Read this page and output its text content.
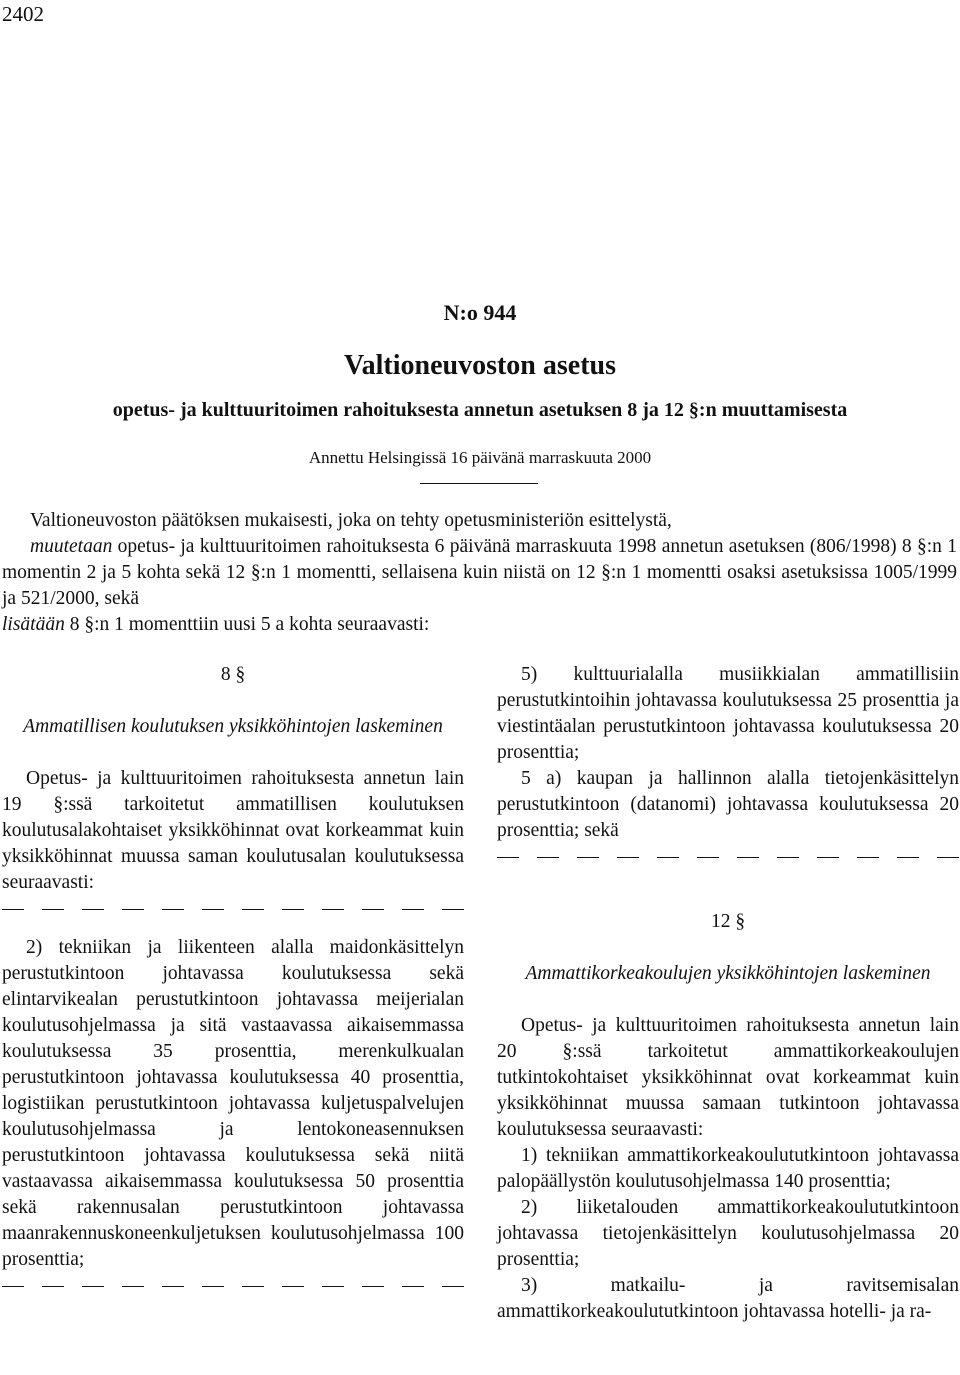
2402
N:o 944
Valtioneuvoston asetus
opetus- ja kulttuuritoimen rahoituksesta annetun asetuksen 8 ja 12 §:n muuttamisesta
Annettu Helsingissä 16 päivänä marraskuuta 2000

Valtioneuvoston päätöksen mukaisesti, joka on tehty opetusministeriön esittelystä,

muutetaan opetus- ja kulttuuritoimen rahoituksesta 6 päivänä marraskuuta 1998 annetun asetuksen (806/1998) 8 §:n 1 momentin 2 ja 5 kohta sekä 12 §:n 1 momentti, sellaisena kuin niistä on 12 §:n 1 momentti osaksi asetuksissa 1005/1999 ja 521/2000, sekä

lisätään 8 §:n 1 momenttiin uusi 5 a kohta seuraavasti:

8 §

Ammatillisen koulutuksen yksikköhintojen laskeminen

Opetus- ja kulttuuritoimen rahoituksesta annetun lain 19 §:ssä tarkoitetut ammatillisen koulutuksen koulutusalakohtaiset yksikköhinnat ovat korkeammat kuin yksikköhinnat muussa saman koulutusalan koulutuksessa seuraavasti:

2) tekniikan ja liikenteen alalla maidonkäsittelyn perustutkintoon johtavassa koulutuksessa sekä elintarvikealan perustutkintoon johtavassa meijerialan koulutusohjelmassa ja sitä vastaavassa aikaisemmassa koulutuksessa 35 prosenttia, merenkulkualan perustutkintoon johtavassa koulutuksessa 40 prosenttia, logistiikan perustutkintoon johtavassa kuljetuspalvelujen koulutusohjelmassa ja lentokoneasennuksen perustutkintoon johtavassa koulutuksessa sekä niitä vastaavassa aikaisemmassa koulutuksessa 50 prosenttia sekä rakennusalan perustutkintoon johtavassa maanrakennuskoneenkuljetuksen koulutusohjelmassa 100 prosenttia;

5) kulttuurialalla musiikkialan ammatillisiin perustutkintoihin johtavassa koulutuksessa 25 prosenttia ja viestintäalan perustutkintoon johtavassa koulutuksessa 20 prosenttia;

5 a) kaupan ja hallinnon alalla tietojenkäsittelyn perustutkintoon (datanomi) johtavassa koulutuksessa 20 prosenttia; sekä

12 §

Ammattikorkeakoulujen yksikköhintojen laskeminen

Opetus- ja kulttuuritoimen rahoituksesta annetun lain 20 §:ssä tarkoitetut ammattikorkeakoulujen tutkintokohtaiset yksikköhinnat ovat korkeammat kuin yksikköhinnat muussa samaan tutkintoon johtavassa koulutuksessa seuraavasti:

1) tekniikan ammattikorkeakoulututkintoon johtavassa palopäällystön koulutusohjelmassa 140 prosenttia;

2) liiketalouden ammattikorkeakoulututkintoon johtavassa tietojenkäsittelyn koulutusohjelmassa 20 prosenttia;

3) matkailu- ja ravitsemisalan ammattikorkeakoulututkintoon johtavassa hotelli- ja ra-
